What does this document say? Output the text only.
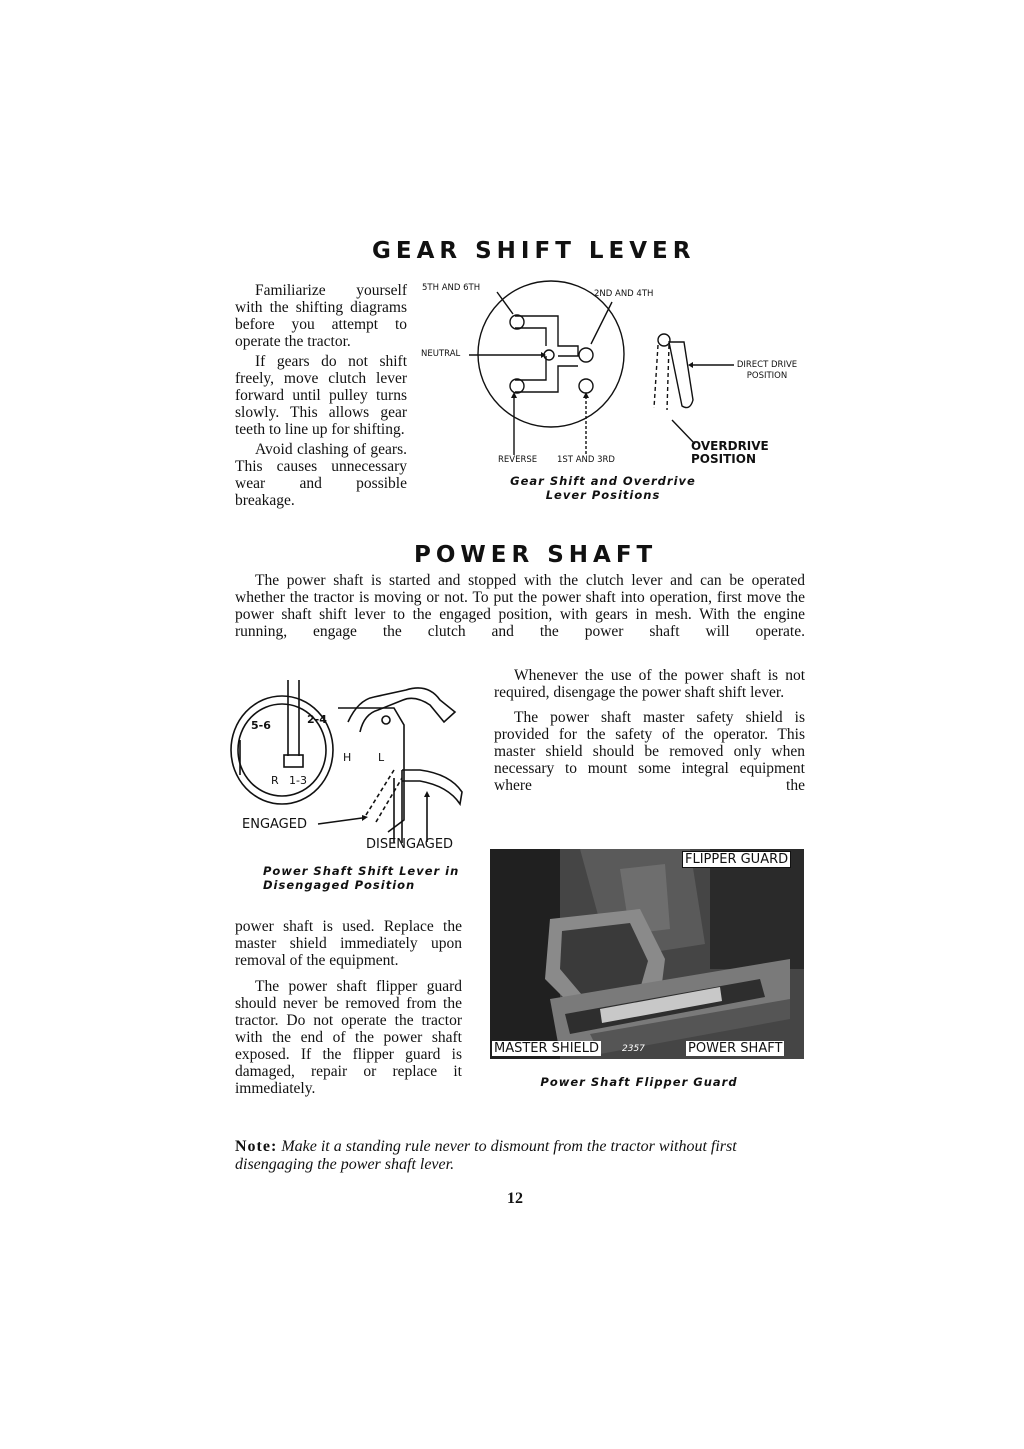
GEAR SHIFT LEVER

Familiarize yourself with the shifting diagrams before you attempt to operate the tractor.

If gears do not shift freely, move clutch lever forward until pulley turns slowly. This allows gear teeth to line up for shifting.

Avoid clashing of gears. This causes unnecessary wear and possible breakage.

5TH AND 6TH
2ND AND 4TH
NEUTRAL
REVERSE 1ST AND 3RD
DIRECT DRIVE POSITION
OVERDRIVE POSITION
Gear Shift and Overdrive Lever Positions
POWER SHAFT

The power shaft is started and stopped with the clutch lever and can be operated whether the tractor is moving or not. To put the power shaft into operation, first move the power shaft shift lever to the engaged position, with gears in mesh. With the engine running, engage the clutch and the power shaft will operate.

Whenever the use of the power shaft is not required, disengage the power shaft shift lever.

The power shaft master safety shield is provided for the safety of the operator. This master shield should be removed only when necessary to mount some integral equipment where the

5-6	2-4
H L
R 1-3
ENGAGED
DISENGAGED
Power Shaft Shift Lever in Disengaged Position

power shaft is used. Replace the master shield immediately upon removal of the equipment.

The power shaft flipper guard should never be removed from the tractor. Do not operate the tractor with the end of the power shaft exposed. If the flipper guard is damaged, repair or replace it immediately.

FLIPPER GUARD
MASTER SHIELD	2357	POWER SHAFT
Power Shaft Flipper Guard
Note: Make it a standing rule never to dismount from the tractor without first disengaging the power shaft lever.
12
